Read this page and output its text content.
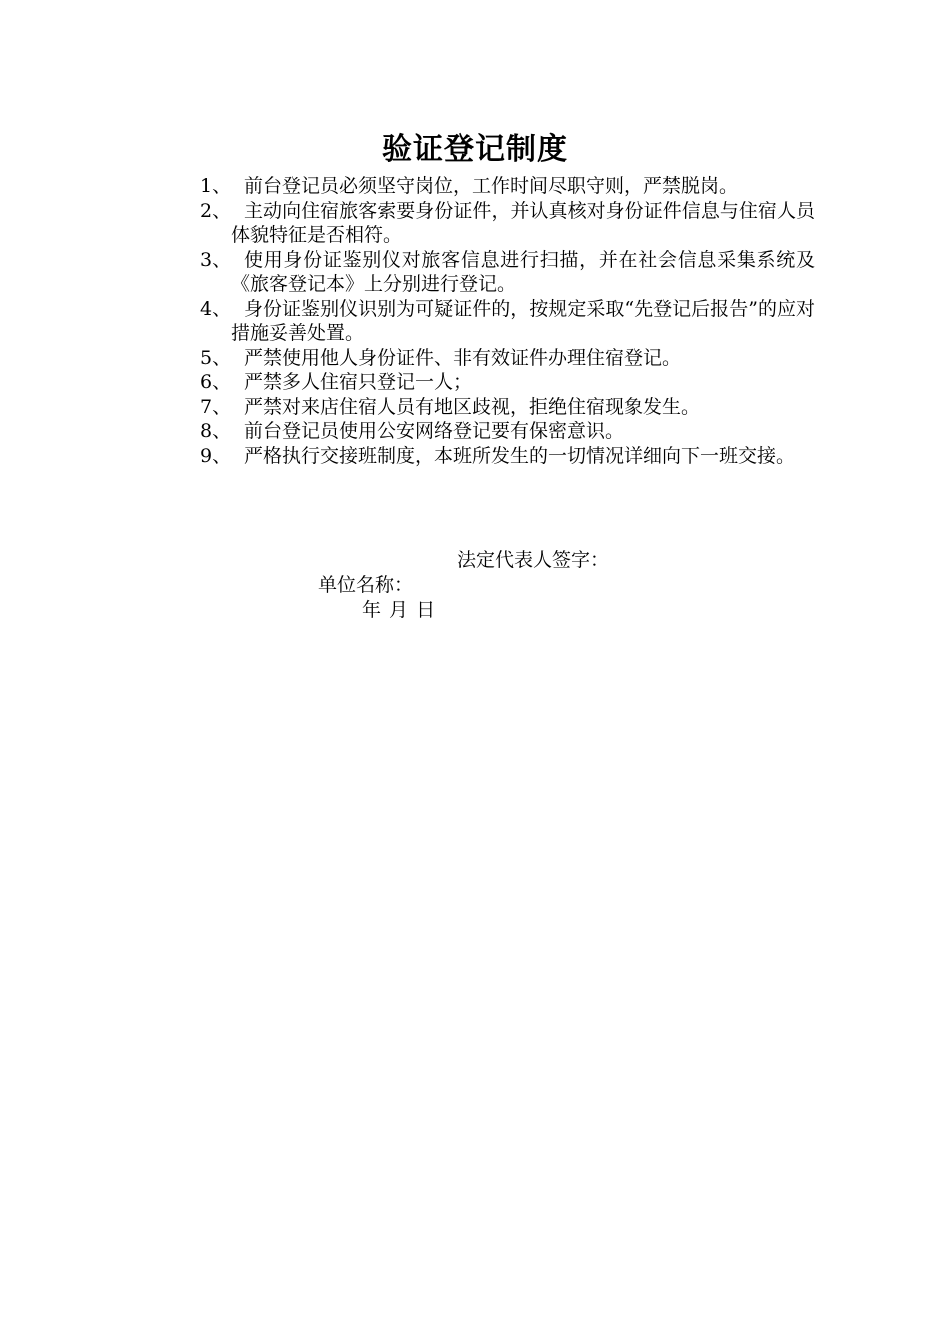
验证登记制度
1、 前台登记员必须坚守岗位，工作时间尽职守则，严禁脱岗。
2、 主动向住宿旅客索要身份证件，并认真核对身份证件信息与住宿人员体貌特征是否相符。
3、 使用身份证鉴别仪对旅客信息进行扫描，并在社会信息采集系统及《旅客登记本》上分别进行登记。
4、 身份证鉴别仪识别为可疑证件的，按规定采取“先登记后报告”的应对措施妥善处置。
5、 严禁使用他人身份证件、非有效证件办理住宿登记。
6、 严禁多人住宿只登记一人；
7、 严禁对来店住宿人员有地区歧视，拒绝住宿现象发生。
8、 前台登记员使用公安网络登记要有保密意识。
9、 严格执行交接班制度，本班所发生的一切情况详细向下一班交接。

法定代表人签字：

单位名称：

年 月 日
